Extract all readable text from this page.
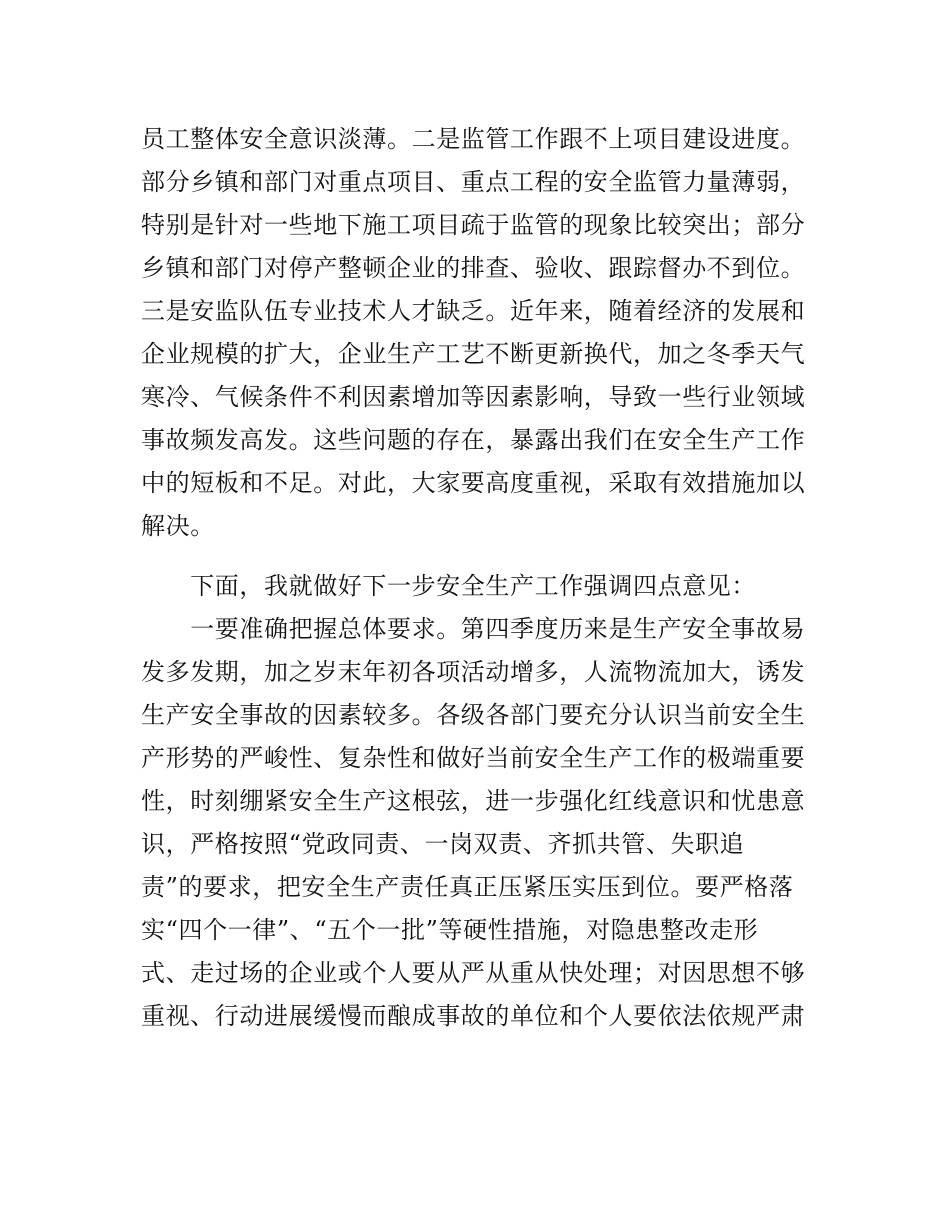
员工整体安全意识淡薄。二是监管工作跟不上项目建设进度。
部分乡镇和部门对重点项目、重点工程的安全监管力量薄弱，
特别是针对一些地下施工项目疏于监管的现象比较突出；部分
乡镇和部门对停产整顿企业的排查、验收、跟踪督办不到位。
三是安监队伍专业技术人才缺乏。近年来，随着经济的发展和
企业规模的扩大，企业生产工艺不断更新换代，加之冬季天气
寒冷、气候条件不利因素增加等因素影响，导致一些行业领域
事故频发高发。这些问题的存在，暴露出我们在安全生产工作
中的短板和不足。对此，大家要高度重视，采取有效措施加以
解决。
　　下面，我就做好下一步安全生产工作强调四点意见：
　　一要准确把握总体要求。第四季度历来是生产安全事故易
发多发期，加之岁末年初各项活动增多，人流物流加大，诱发
生产安全事故的因素较多。各级各部门要充分认识当前安全生
产形势的严峻性、复杂性和做好当前安全生产工作的极端重要
性，时刻绷紧安全生产这根弦，进一步强化红线意识和忧患意
识，严格按照“党政同责、一岗双责、齐抓共管、失职追
责”的要求，把安全生产责任真正压紧压实压到位。要严格落
实“四个一律”、“五个一批”等硬性措施，对隐患整改走形
式、走过场的企业或个人要从严从重从快处理；对因思想不够
重视、行动进展缓慢而酿成事故的单位和个人要依法依规严肃
